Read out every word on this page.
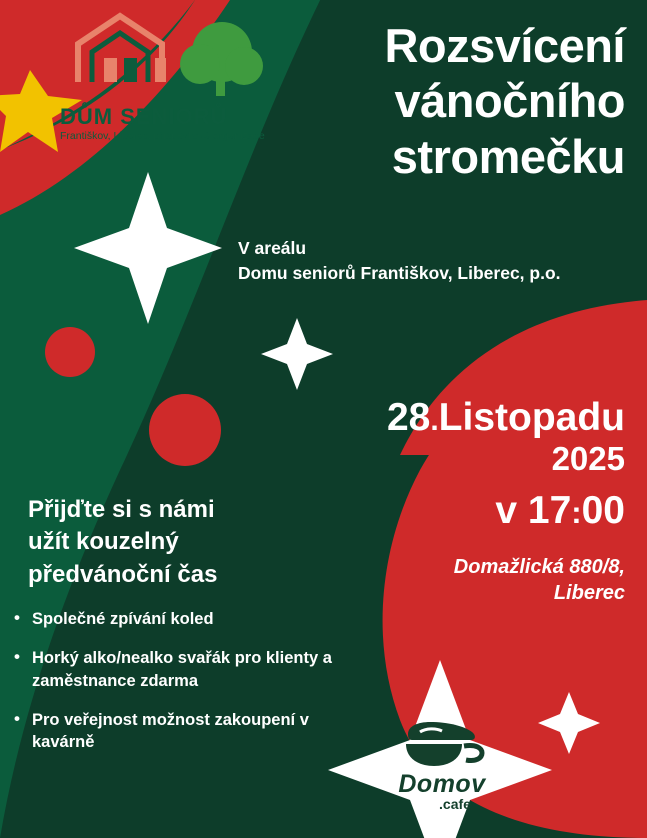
DŮM SENIORŮ
Františkov, Liberec, příspěvková organizace
Rozsvícení
vánočního
stromečku
V areálu
Domu seniorů Františkov, Liberec, p.o.
28.Listopadu
2025
v 17:00
Domažlická 880/8,
Liberec
Přijďte si s námi
užít kouzelný
předvánoční čas
• Společné zpívání koled
• Horký alko/nealko svařák pro klienty a zaměstnance zdarma
• Pro veřejnost možnost zakoupení v kavárně
Domov
.cafe
